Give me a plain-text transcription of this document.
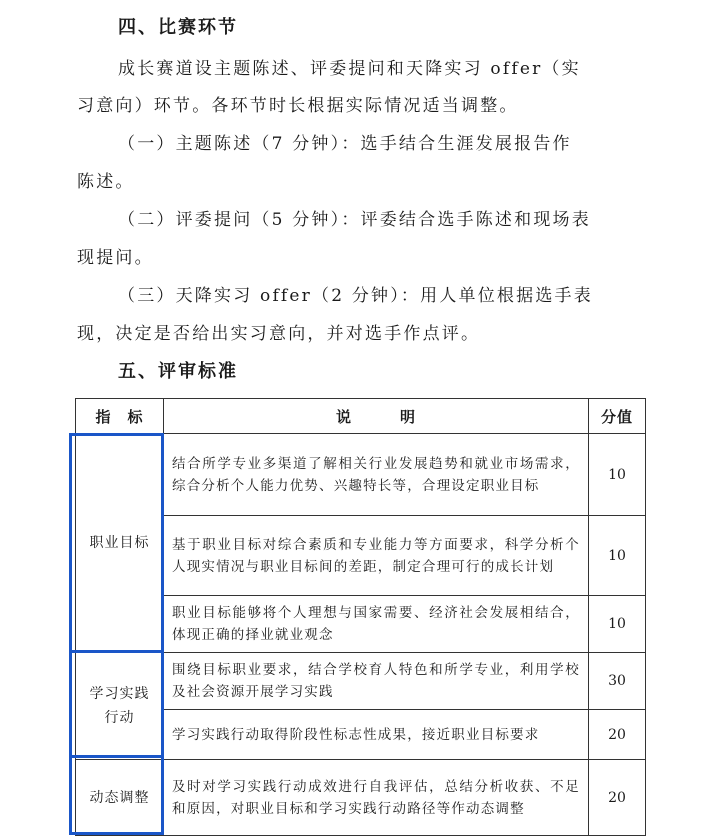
四、比赛环节
成长赛道设主题陈述、评委提问和天降实习 offer（实
习意向）环节。各环节时长根据实际情况适当调整。
（一）主题陈述（7 分钟）：选手结合生涯发展报告作
陈述。
（二）评委提问（5 分钟）：评委结合选手陈述和现场表
现提问。
（三）天降实习 offer（2 分钟）：用人单位根据选手表
现，决定是否给出实习意向，并对选手作点评。
五、评审标准
指　标	说　　　明	分值
职业目标	结合所学专业多渠道了解相关行业发展趋势和就业市场需求，综合分析个人能力优势、兴趣特长等，合理设定职业目标	10
	基于职业目标对综合素质和专业能力等方面要求，科学分析个人现实情况与职业目标间的差距，制定合理可行的成长计划	10
	职业目标能够将个人理想与国家需要、经济社会发展相结合，体现正确的择业就业观念	10

学习实践
行动	围绕目标职业要求，结合学校育人特色和所学专业，利用学校及社会资源开展学习实践	30
	学习实践行动取得阶段性标志性成果，接近职业目标要求	20
动态调整	及时对学习实践行动成效进行自我评估，总结分析收获、不足和原因，对职业目标和学习实践行动路径等作动态调整	20
